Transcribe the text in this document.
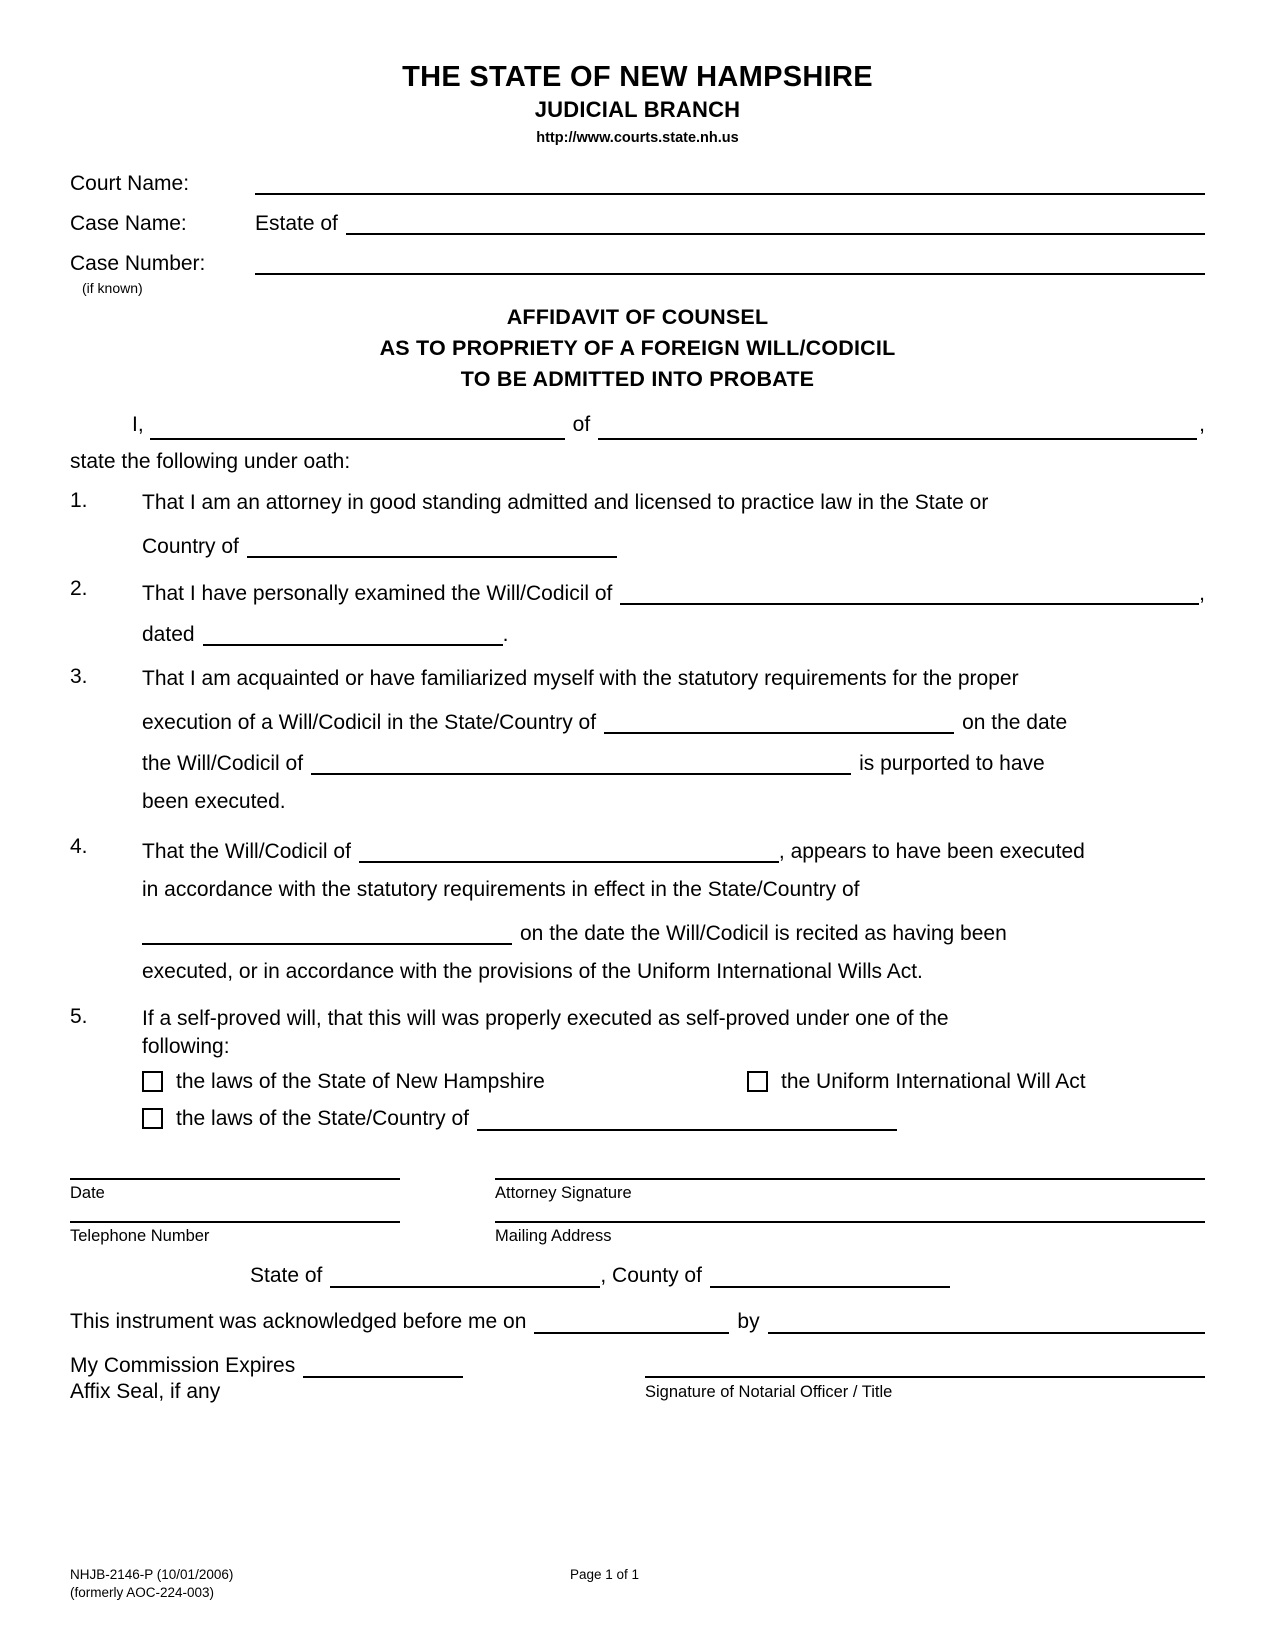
THE STATE OF NEW HAMPSHIRE
JUDICIAL BRANCH
http://www.courts.state.nh.us
Court Name:
Case Name:	Estate of
Case Number:
(if known)
AFFIDAVIT OF COUNSEL
AS TO PROPRIETY OF A FOREIGN WILL/CODICIL
TO BE ADMITTED INTO PROBATE
I,	of	,
state the following under oath:
1.	That I am an attorney in good standing admitted and licensed to practice law in the State or
Country of
2.	That I have personally examined the Will/Codicil of	,
dated	.
3.	That I am acquainted or have familiarized myself with the statutory requirements for the proper
execution of a Will/Codicil in the State/Country of	on the date
the Will/Codicil of	is purported to have
been executed.
4.	That the Will/Codicil of	, appears to have been executed
in accordance with the statutory requirements in effect in the State/Country of
on the date the Will/Codicil is recited as having been
executed, or in accordance with the provisions of the Uniform International Wills Act.
5.	If a self-proved will, that this will was properly executed as self-proved under one of the
following:
the laws of the State of New Hampshire	the Uniform International Will Act
the laws of the State/Country of
Date	Attorney Signature
Telephone Number	Mailing Address
State of	, County of
This instrument was acknowledged before me on	by
My Commission Expires
Affix Seal, if any	Signature of Notarial Officer / Title
NHJB-2146-P (10/01/2006)
(formerly AOC-224-003)
Page 1 of 1
